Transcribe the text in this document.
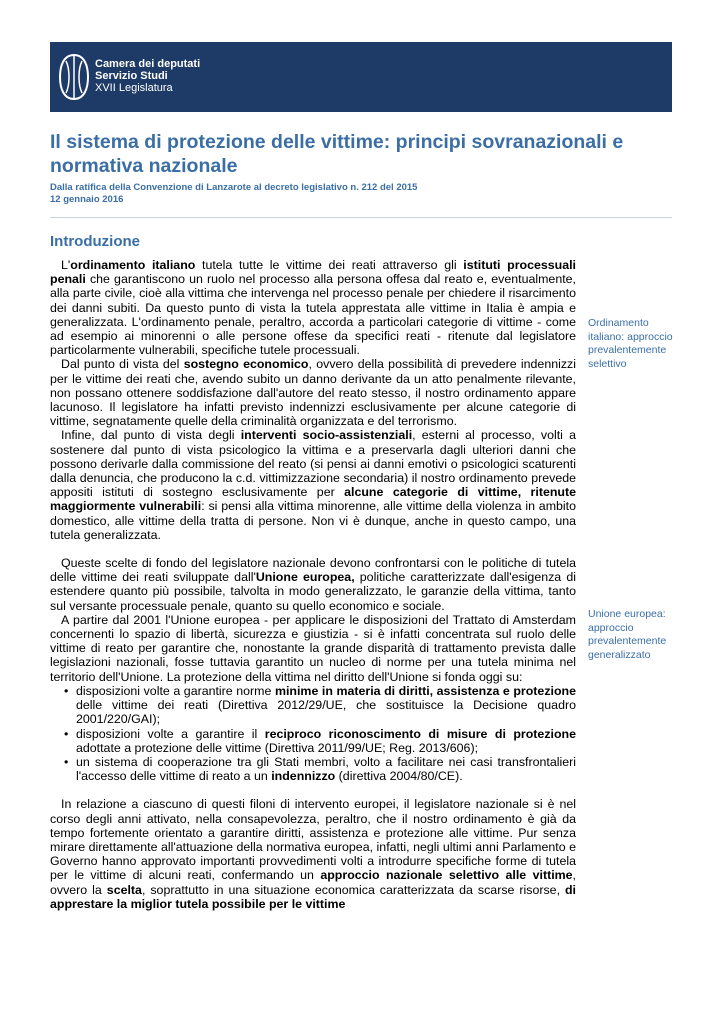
Camera dei deputati
Servizio Studi
XVII Legislatura
Il sistema di protezione delle vittime: principi sovranazionali e normativa nazionale
Dalla ratifica della Convenzione di Lanzarote al decreto legislativo n. 212 del 2015
12 gennaio 2016
Introduzione

L'ordinamento italiano tutela tutte le vittime dei reati attraverso gli istituti processuali penali che garantiscono un ruolo nel processo alla persona offesa dal reato e, eventualmente, alla parte civile, cioè alla vittima che intervenga nel processo penale per chiedere il risarcimento dei danni subiti. Da questo punto di vista la tutela apprestata alle vittime in Italia è ampia e generalizzata. L'ordinamento penale, peraltro, accorda a particolari categorie di vittime - come ad esempio ai minorenni o alle persone offese da specifici reati - ritenute dal legislatore particolarmente vulnerabili, specifiche tutele processuali.

Dal punto di vista del sostegno economico, ovvero della possibilità di prevedere indennizzi per le vittime dei reati che, avendo subito un danno derivante da un atto penalmente rilevante, non possano ottenere soddisfazione dall'autore del reato stesso, il nostro ordinamento appare lacunoso. Il legislatore ha infatti previsto indennizzi esclusivamente per alcune categorie di vittime, segnatamente quelle della criminalità organizzata e del terrorismo.

Infine, dal punto di vista degli interventi socio-assistenziali, esterni al processo, volti a sostenere dal punto di vista psicologico la vittima e a preservarla dagli ulteriori danni che possono derivarle dalla commissione del reato (si pensi ai danni emotivi o psicologici scaturenti dalla denuncia, che producono la c.d. vittimizzazione secondaria) il nostro ordinamento prevede appositi istituti di sostegno esclusivamente per alcune categorie di vittime, ritenute maggiormente vulnerabili: si pensi alla vittima minorenne, alle vittime della violenza in ambito domestico, alle vittime della tratta di persone. Non vi è dunque, anche in questo campo, una tutela generalizzata.

Queste scelte di fondo del legislatore nazionale devono confrontarsi con le politiche di tutela delle vittime dei reati sviluppate dall'Unione europea, politiche caratterizzate dall'esigenza di estendere quanto più possibile, talvolta in modo generalizzato, le garanzie della vittima, tanto sul versante processuale penale, quanto su quello economico e sociale.

A partire dal 2001 l'Unione europea - per applicare le disposizioni del Trattato di Amsterdam concernenti lo spazio di libertà, sicurezza e giustizia - si è infatti concentrata sul ruolo delle vittime di reato per garantire che, nonostante la grande disparità di trattamento prevista dalle legislazioni nazionali, fosse tuttavia garantito un nucleo di norme per una tutela minima nel territorio dell'Unione. La protezione della vittima nel diritto dell'Unione si fonda oggi su:

• disposizioni volte a garantire norme minime in materia di diritti, assistenza e protezione delle vittime dei reati (Direttiva 2012/29/UE, che sostituisce la Decisione quadro 2001/220/GAI);
• disposizioni volte a garantire il reciproco riconoscimento di misure di protezione adottate a protezione delle vittime (Direttiva 2011/99/UE; Reg. 2013/606);
• un sistema di cooperazione tra gli Stati membri, volto a facilitare nei casi transfrontalieri l'accesso delle vittime di reato a un indennizzo (direttiva 2004/80/CE).

In relazione a ciascuno di questi filoni di intervento europei, il legislatore nazionale si è nel corso degli anni attivato, nella consapevolezza, peraltro, che il nostro ordinamento è già da tempo fortemente orientato a garantire diritti, assistenza e protezione alle vittime. Pur senza mirare direttamente all'attuazione della normativa europea, infatti, negli ultimi anni Parlamento e Governo hanno approvato importanti provvedimenti volti a introdurre specifiche forme di tutela per le vittime di alcuni reati, confermando un approccio nazionale selettivo alle vittime, ovvero la scelta, soprattutto in una situazione economica caratterizzata da scarse risorse, di apprestare la miglior tutela possibile per le vittime

Ordinamento italiano: approccio prevalentemente selettivo
Unione europea: approccio prevalentemente generalizzato
